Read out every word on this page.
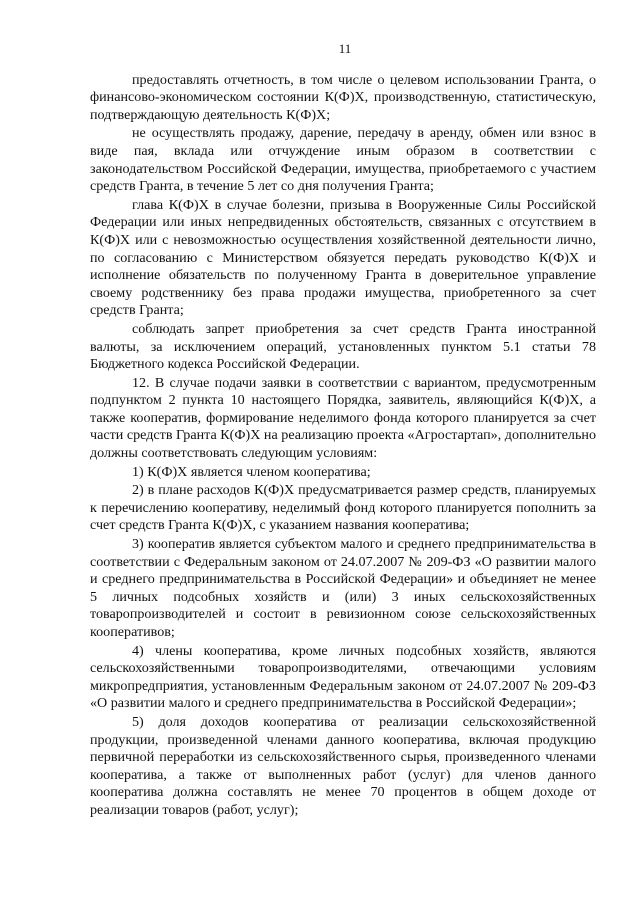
11

предоставлять отчетность, в том числе о целевом использовании Гранта, о финансово-экономическом состоянии К(Ф)Х, производственную, статистическую, подтверждающую деятельность К(Ф)Х;

не осуществлять продажу, дарение, передачу в аренду, обмен или взнос в виде пая, вклада или отчуждение иным образом в соответствии с законодательством Российской Федерации, имущества, приобретаемого с участием средств Гранта, в течение 5 лет со дня получения Гранта;

глава К(Ф)Х в случае болезни, призыва в Вооруженные Силы Российской Федерации или иных непредвиденных обстоятельств, связанных с отсутствием в К(Ф)Х или с невозможностью осуществления хозяйственной деятельности лично, по согласованию с Министерством обязуется передать руководство К(Ф)Х и исполнение обязательств по полученному Гранта в доверительное управление своему родственнику без права продажи имущества, приобретенного за счет средств Гранта;

соблюдать запрет приобретения за счет средств Гранта иностранной валюты, за исключением операций, установленных пунктом 5.1 статьи 78 Бюджетного кодекса Российской Федерации.

12. В случае подачи заявки в соответствии с вариантом, предусмотренным подпунктом 2 пункта 10 настоящего Порядка, заявитель, являющийся К(Ф)Х, а также кооператив, формирование неделимого фонда которого планируется за счет части средств Гранта К(Ф)Х на реализацию проекта «Агростартап», дополнительно должны соответствовать следующим условиям:

1) К(Ф)Х является членом кооператива;

2) в плане расходов К(Ф)Х предусматривается размер средств, планируемых к перечислению кооперативу, неделимый фонд которого планируется пополнить за счет средств Гранта К(Ф)Х, с указанием названия кооператива;

3) кооператив является субъектом малого и среднего предпринимательства в соответствии с Федеральным законом от 24.07.2007 № 209-ФЗ «О развитии малого и среднего предпринимательства в Российской Федерации» и объединяет не менее 5 личных подсобных хозяйств и (или) 3 иных сельскохозяйственных товаропроизводителей и состоит в ревизионном союзе сельскохозяйственных кооперативов;

4) члены кооператива, кроме личных подсобных хозяйств, являются сельскохозяйственными товаропроизводителями, отвечающими условиям микропредприятия, установленным Федеральным законом от 24.07.2007 № 209-ФЗ «О развитии малого и среднего предпринимательства в Российской Федерации»;

5) доля доходов кооператива от реализации сельскохозяйственной продукции, произведенной членами данного кооператива, включая продукцию первичной переработки из сельскохозяйственного сырья, произведенного членами кооператива, а также от выполненных работ (услуг) для членов данного кооператива должна составлять не менее 70 процентов в общем доходе от реализации товаров (работ, услуг);
